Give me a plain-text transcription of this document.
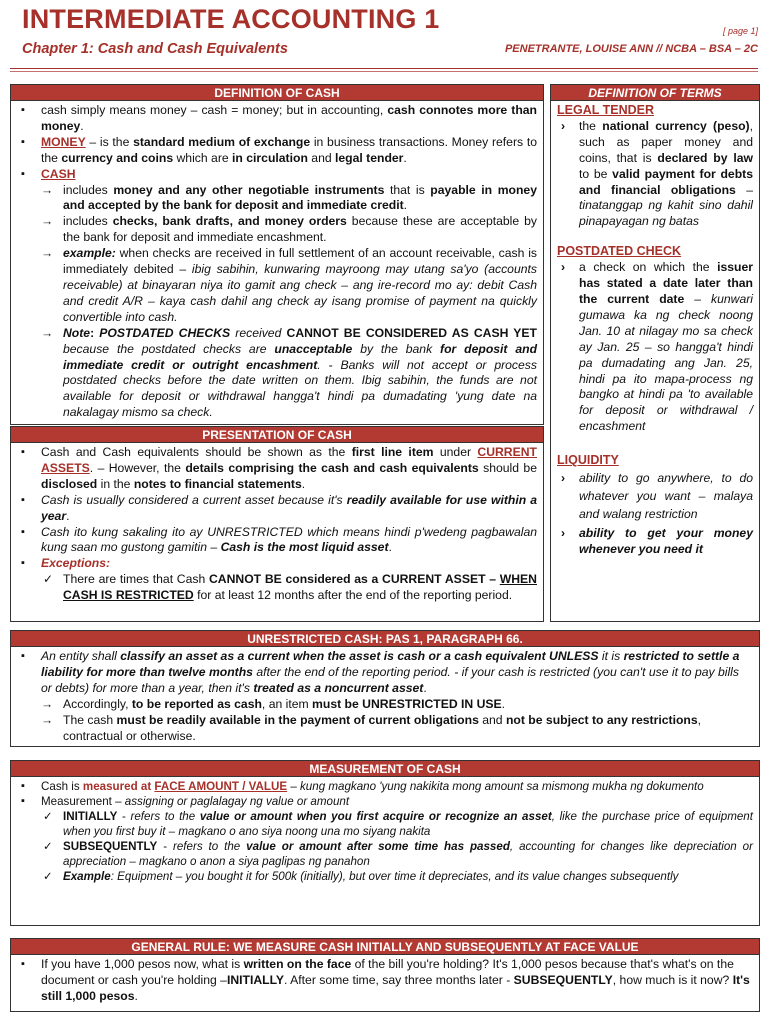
INTERMEDIATE ACCOUNTING 1
Chapter 1: Cash and Cash Equivalents
[ page 1]
PENETRANTE, LOUISE ANN // NCBA – BSA – 2C
DEFINITION OF CASH
▪ cash simply means money – cash = money; but in accounting, cash connotes more than money.
▪ MONEY – is the standard medium of exchange in business transactions. Money refers to the currency and coins which are in circulation and legal tender.
▪ CASH
→ includes money and any other negotiable instruments that is payable in money and accepted by the bank for deposit and immediate credit.
→ includes checks, bank drafts, and money orders because these are acceptable by the bank for deposit and immediate encashment.
→ example: when checks are received in full settlement of an account receivable, cash is immediately debited – ibig sabihin, kunwaring mayroong may utang sa'yo (accounts receivable) at binayaran niya ito gamit ang check – ang ire-record mo ay: debit Cash and credit A/R – kaya cash dahil ang check ay isang promise of payment na quickly convertible into cash.
→ Note: POSTDATED CHECKS received CANNOT BE CONSIDERED AS CASH YET because the postdated checks are unacceptable by the bank for deposit and immediate credit or outright encashment. - Banks will not accept or process postdated checks before the date written on them. Ibig sabihin, the funds are not available for deposit or withdrawal hangga't hindi pa dumadating 'yung date na nakalagay mismo sa check.
PRESENTATION OF CASH
▪ Cash and Cash equivalents should be shown as the first line item under CURRENT ASSETS. – However, the details comprising the cash and cash equivalents should be disclosed in the notes to financial statements.
▪ Cash is usually considered a current asset because it's readily available for use within a year.
▪ Cash ito kung sakaling ito ay UNRESTRICTED which means hindi p'wedeng pagbawalan kung saan mo gustong gamitin – Cash is the most liquid asset.
▪ Exceptions:
✓ There are times that Cash CANNOT BE considered as a CURRENT ASSET – WHEN CASH IS RESTRICTED for at least 12 months after the end of the reporting period.
DEFINITION OF TERMS
LEGAL TENDER
› the national currency (peso), such as paper money and coins, that is declared by law to be valid payment for debts and financial obligations – tinatanggap ng kahit sino dahil pinapayagan ng batas
POSTDATED CHECK
› a check on which the issuer has stated a date later than the current date – kunwari gumawa ka ng check noong Jan. 10 at nilagay mo sa check ay Jan. 25 – so hangga't hindi pa dumadating ang Jan. 25, hindi pa ito mapa-process ng bangko at hindi pa 'to available for deposit or withdrawal / encashment
LIQUIDITY
› ability to go anywhere, to do whatever you want – malaya and walang restriction
› ability to get your money whenever you need it
UNRESTRICTED CASH: PAS 1, PARAGRAPH 66.
▪ An entity shall classify an asset as a current when the asset is cash or a cash equivalent UNLESS it is restricted to settle a liability for more than twelve months after the end of the reporting period. - if your cash is restricted (you can't use it to pay bills or debts) for more than a year, then it's treated as a noncurrent asset.
→ Accordingly, to be reported as cash, an item must be UNRESTRICTED IN USE.
→ The cash must be readily available in the payment of current obligations and not be subject to any restrictions, contractual or otherwise.
MEASUREMENT OF CASH
▪ Cash is measured at FACE AMOUNT / VALUE – kung magkano 'yung nakikita mong amount sa mismong mukha ng dokumento
▪ Measurement – assigning or paglalagay ng value or amount
✓ INITIALLY - refers to the value or amount when you first acquire or recognize an asset, like the purchase price of equipment when you first buy it – magkano o ano siya noong una mo siyang nakita
✓ SUBSEQUENTLY - refers to the value or amount after some time has passed, accounting for changes like depreciation or appreciation – magkano o anon a siya paglipas ng panahon
✓ Example: Equipment – you bought it for 500k (initially), but over time it depreciates, and its value changes subsequently
GENERAL RULE: WE MEASURE CASH INITIALLY AND SUBSEQUENTLY AT FACE VALUE
▪ If you have 1,000 pesos now, what is written on the face of the bill you're holding? It's 1,000 pesos because that's what's on the document or cash you're holding –INITIALLY. After some time, say three months later - SUBSEQUENTLY, how much is it now? It's still 1,000 pesos.
